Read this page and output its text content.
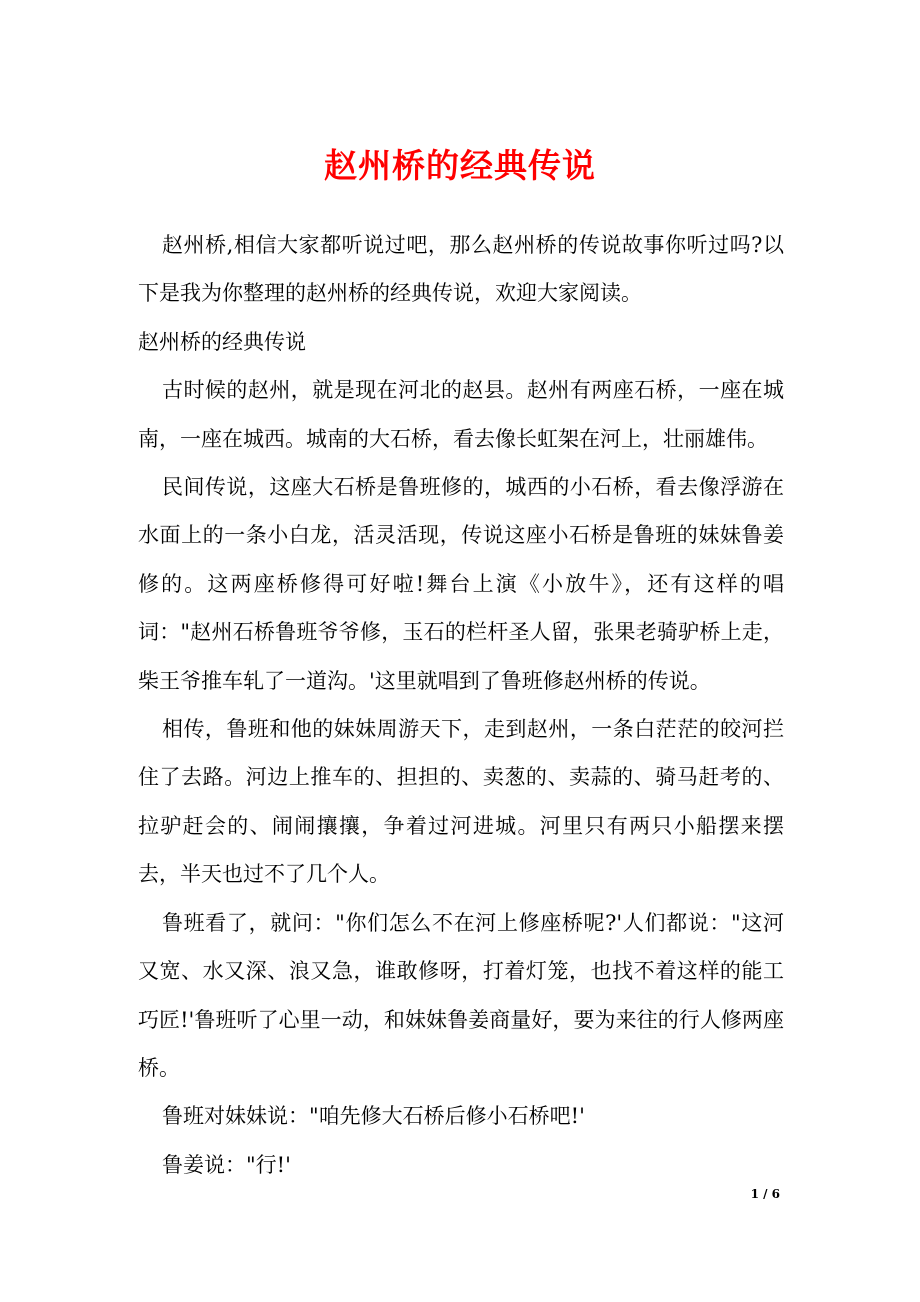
赵州桥的经典传说

赵州桥,相信大家都听说过吧，那么赵州桥的传说故事你听过吗?以下是我为你整理的赵州桥的经典传说，欢迎大家阅读。

赵州桥的经典传说

古时候的赵州，就是现在河北的赵县。赵州有两座石桥，一座在城南，一座在城西。城南的大石桥，看去像长虹架在河上，壮丽雄伟。

民间传说，这座大石桥是鲁班修的，城西的小石桥，看去像浮游在水面上的一条小白龙，活灵活现，传说这座小石桥是鲁班的妹妹鲁姜修的。这两座桥修得可好啦!舞台上演《小放牛》，还有这样的唱词："赵州石桥鲁班爷爷修，玉石的栏杆圣人留，张果老骑驴桥上走，柴王爷推车轧了一道沟。'这里就唱到了鲁班修赵州桥的传说。

相传，鲁班和他的妹妹周游天下，走到赵州，一条白茫茫的皎河拦住了去路。河边上推车的、担担的、卖葱的、卖蒜的、骑马赶考的、拉驴赶会的、闹闹攘攘，争着过河进城。河里只有两只小船摆来摆去，半天也过不了几个人。

鲁班看了，就问："你们怎么不在河上修座桥呢?'人们都说："这河又宽、水又深、浪又急，谁敢修呀，打着灯笼，也找不着这样的能工巧匠!'鲁班听了心里一动，和妹妹鲁姜商量好，要为来往的行人修两座桥。

鲁班对妹妹说："咱先修大石桥后修小石桥吧!'

鲁姜说："行!'

1 / 6
